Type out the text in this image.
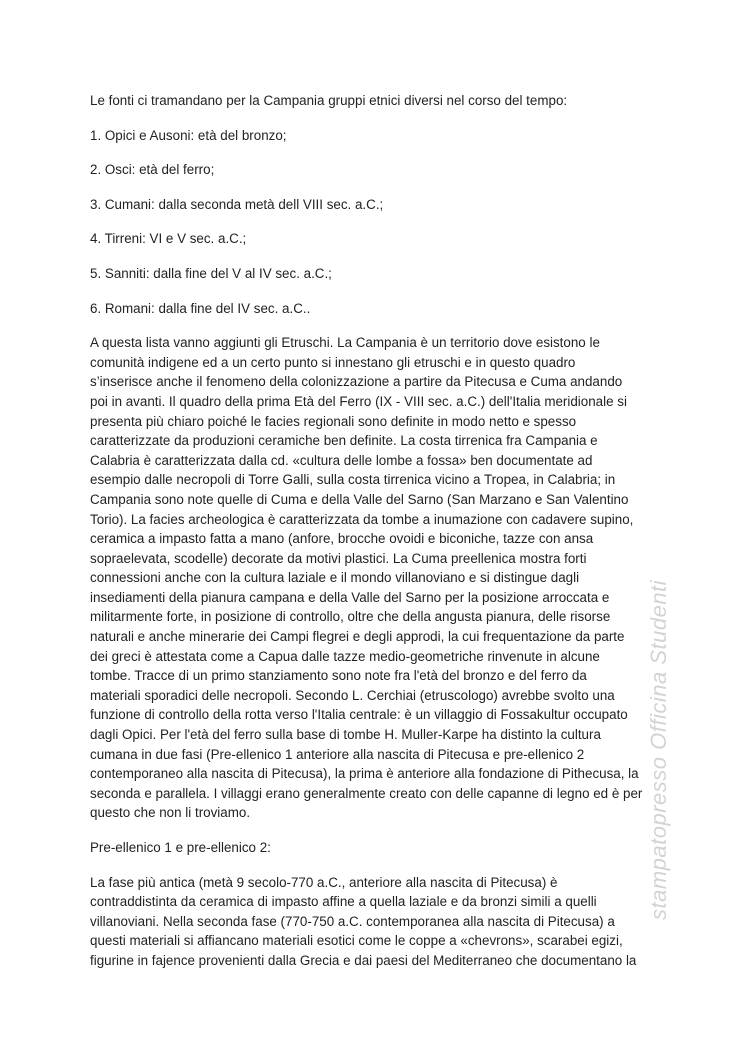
Le fonti ci tramandano per la Campania gruppi etnici diversi nel corso del tempo:

1. Opici e Ausoni: età del bronzo;
2. Osci: età del ferro;
3. Cumani: dalla seconda metà dell VIII sec. a.C.;
4. Tirreni: VI e V sec. a.C.;
5. Sanniti: dalla fine del V al IV sec. a.C.;
6. Romani: dalla fine del IV sec. a.C..
A questa lista vanno aggiunti gli Etruschi. La Campania è un territorio dove esistono le
comunità indigene ed a un certo punto si innestano gli etruschi e in questo quadro
s’inserisce anche il fenomeno della colonizzazione a partire da Pitecusa e Cuma andando
poi in avanti. Il quadro della prima Età del Ferro (IX - VIII sec. a.C.) dell'Italia meridionale si
presenta più chiaro poiché le facies regionali sono definite in modo netto e spesso
caratterizzate da produzioni ceramiche ben definite. La costa tirrenica fra Campania e
Calabria è caratterizzata dalla cd. «cultura delle lombe a fossa» ben documentate ad
esempio dalle necropoli di Torre Galli, sulla costa tirrenica vicino a Tropea, in Calabria; in
Campania sono note quelle di Cuma e della Valle del Sarno (San Marzano e San Valentino
Torio). La facies archeologica è caratterizzata da tombe a inumazione con cadavere supino,
ceramica a impasto fatta a mano (anfore, brocche ovoidi e biconiche, tazze con ansa
sopraelevata, scodelle) decorate da motivi plastici. La Cuma preellenica mostra forti
connessioni anche con la cultura laziale e il mondo villanoviano e si distingue dagli
insediamenti della pianura campana e della Valle del Sarno per la posizione arroccata e
militarmente forte, in posizione di controllo, oltre che della angusta pianura, delle risorse
naturali e anche minerarie dei Campi flegrei e degli approdi, la cui frequentazione da parte
dei greci è attestata come a Capua dalle tazze medio-geometriche rinvenute in alcune
tombe. Tracce di un primo stanziamento sono note fra l'età del bronzo e del ferro da
materiali sporadici delle necropoli. Secondo L. Cerchiai (etruscologo) avrebbe svolto una
funzione di controllo della rotta verso l'Italia centrale: è un villaggio di Fossakultur occupato
dagli Opici. Per l'età del ferro sulla base di tombe H. Muller-Karpe ha distinto la cultura
cumana in due fasi (Pre-ellenico 1 anteriore alla nascita di Pitecusa e pre-ellenico 2
contemporaneo alla nascita di Pitecusa), la prima è anteriore alla fondazione di Pithecusa, la
seconda e parallela. I villaggi erano generalmente creato con delle capanne di legno ed è per
questo che non li troviamo.

Pre-ellenico 1 e pre-ellenico 2:

La fase più antica (metà 9 secolo-770 a.C., anteriore alla nascita di Pitecusa) è
contraddistinta da ceramica di impasto affine a quella laziale e da bronzi simili a quelli
villanoviani. Nella seconda fase (770-750 a.C. contemporanea alla nascita di Pitecusa) a
questi materiali si affiancano materiali esotici come le coppe a «chevrons», scarabei egizi,
figurine in fajence provenienti dalla Grecia e dai paesi del Mediterraneo che documentano la
stampatopresso Officina Studenti
